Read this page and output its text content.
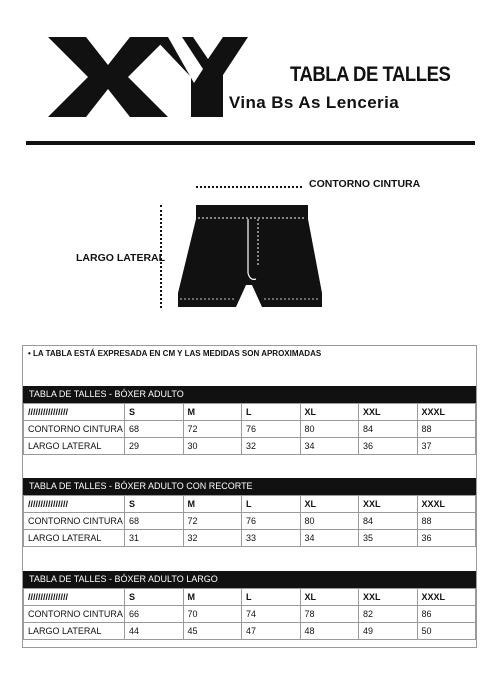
TABLA DE TALLES
Di Vina Bs As Lenceria
CONTORNO CINTURA
LARGO LATERAL
• LA TABLA ESTÁ EXPRESADA EN CM Y LAS MEDIDAS SON APROXIMADAS
TABLA DE TALLES - BÓXER ADULTO
////////////////	S	M	L	XL	XXL	XXXL
CONTORNO CINTURA	68	72	76	80	84	88
LARGO LATERAL	29	30	32	34	36	37
TABLA DE TALLES - BÓXER ADULTO CON RECORTE
////////////////	S	M	L	XL	XXL	XXXL
CONTORNO CINTURA	68	72	76	80	84	88
LARGO LATERAL	31	32	33	34	35	36
TABLA DE TALLES - BÓXER ADULTO LARGO
////////////////	S	M	L	XL	XXL	XXXL
CONTORNO CINTURA	66	70	74	78	82	86
LARGO LATERAL	44	45	47	48	49	50
